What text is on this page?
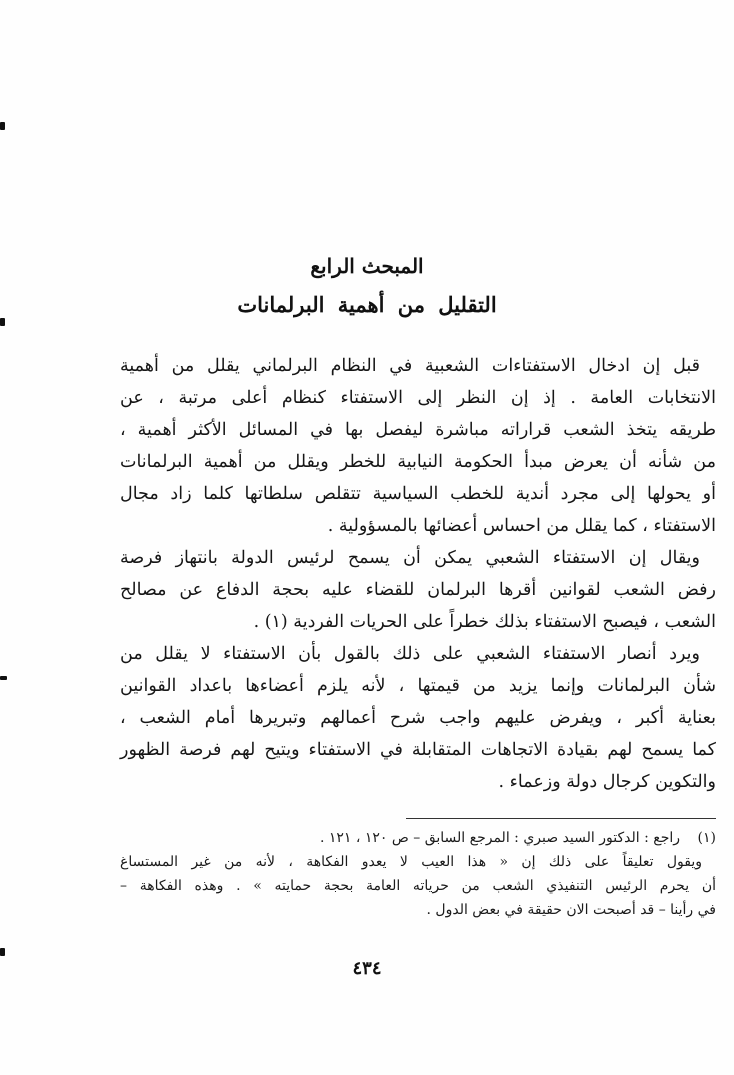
المبحث الرابع
التقليل من أهمية البرلمانات
قبل إن ادخال الاستفتاءات الشعبية في النظام البرلماني يقلل من أهمية
الانتخابات العامة . إذ إن النظر إلى الاستفتاء كنظام أعلى مرتبة ، عن
طريقه يتخذ الشعب قراراته مباشرة ليفصل بها في المسائل الأكثر أهمية ،
من شأنه أن يعرض مبدأ الحكومة النيابية للخطر ويقلل من أهمية البرلمانات
أو يحولها إلى مجرد أندية للخطب السياسية تتقلص سلطاتها كلما زاد مجال
الاستفتاء ، كما يقلل من احساس أعضائها بالمسؤولية .
ويقال إن الاستفتاء الشعبي يمكن أن يسمح لرئيس الدولة بانتهاز فرصة
رفض الشعب لقوانين أقرها البرلمان للقضاء عليه بحجة الدفاع عن مصالح
الشعب ، فيصبح الاستفتاء بذلك خطراً على الحريات الفردية (١) .
ويرد أنصار الاستفتاء الشعبي على ذلك بالقول بأن الاستفتاء لا يقلل من
شأن البرلمانات وإنما يزيد من قيمتها ، لأنه يلزم أعضاءها باعداد القوانين
بعناية أكبر ، ويفرض عليهم واجب شرح أعمالهم وتبريرها أمام الشعب ،
كما يسمح لهم بقيادة الاتجاهات المتقابلة في الاستفتاء ويتيح لهم فرصة الظهور
والتكوين كرجال دولة وزعماء .
(١)
راجع : الدكتور السيد صبري : المرجع السابق – ص ١٢٠ ، ١٢١ .
ويقول تعليقاً على ذلك إن « هذا العيب لا يعدو الفكاهة ، لأنه من غير المستساغ
أن يحرم الرئيس التنفيذي الشعب من حرياته العامة بحجة حمايته » . وهذه الفكاهة –
في رأينا – قد أصبحت الان حقيقة في بعض الدول .
٤٣٤
